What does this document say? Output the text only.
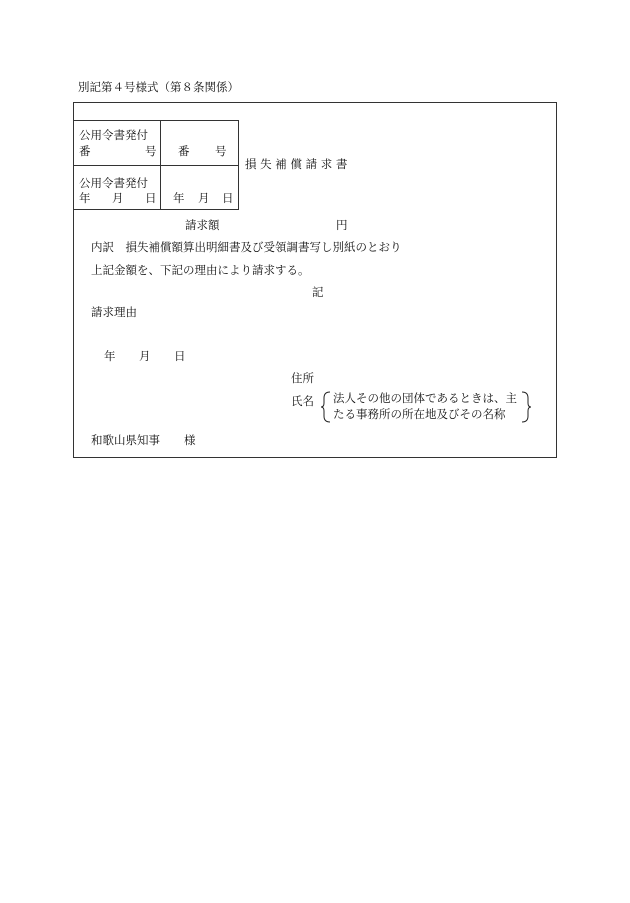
別記第４号様式（第８条関係）
公用令書発付
番	号 番 号
公用令書発付
年 月 日 年 月 日
損 失 補 償 請 求 書
請求額	円
内訳　損失補償額算出明細書及び受領調書写し別紙のとおり
上記金額を、下記の理由により請求する。
記
請求理由
年 月 日
住所
氏名 法人その他の団体であるときは、主
たる事務所の所在地及びその名称
和歌山県知事 様
